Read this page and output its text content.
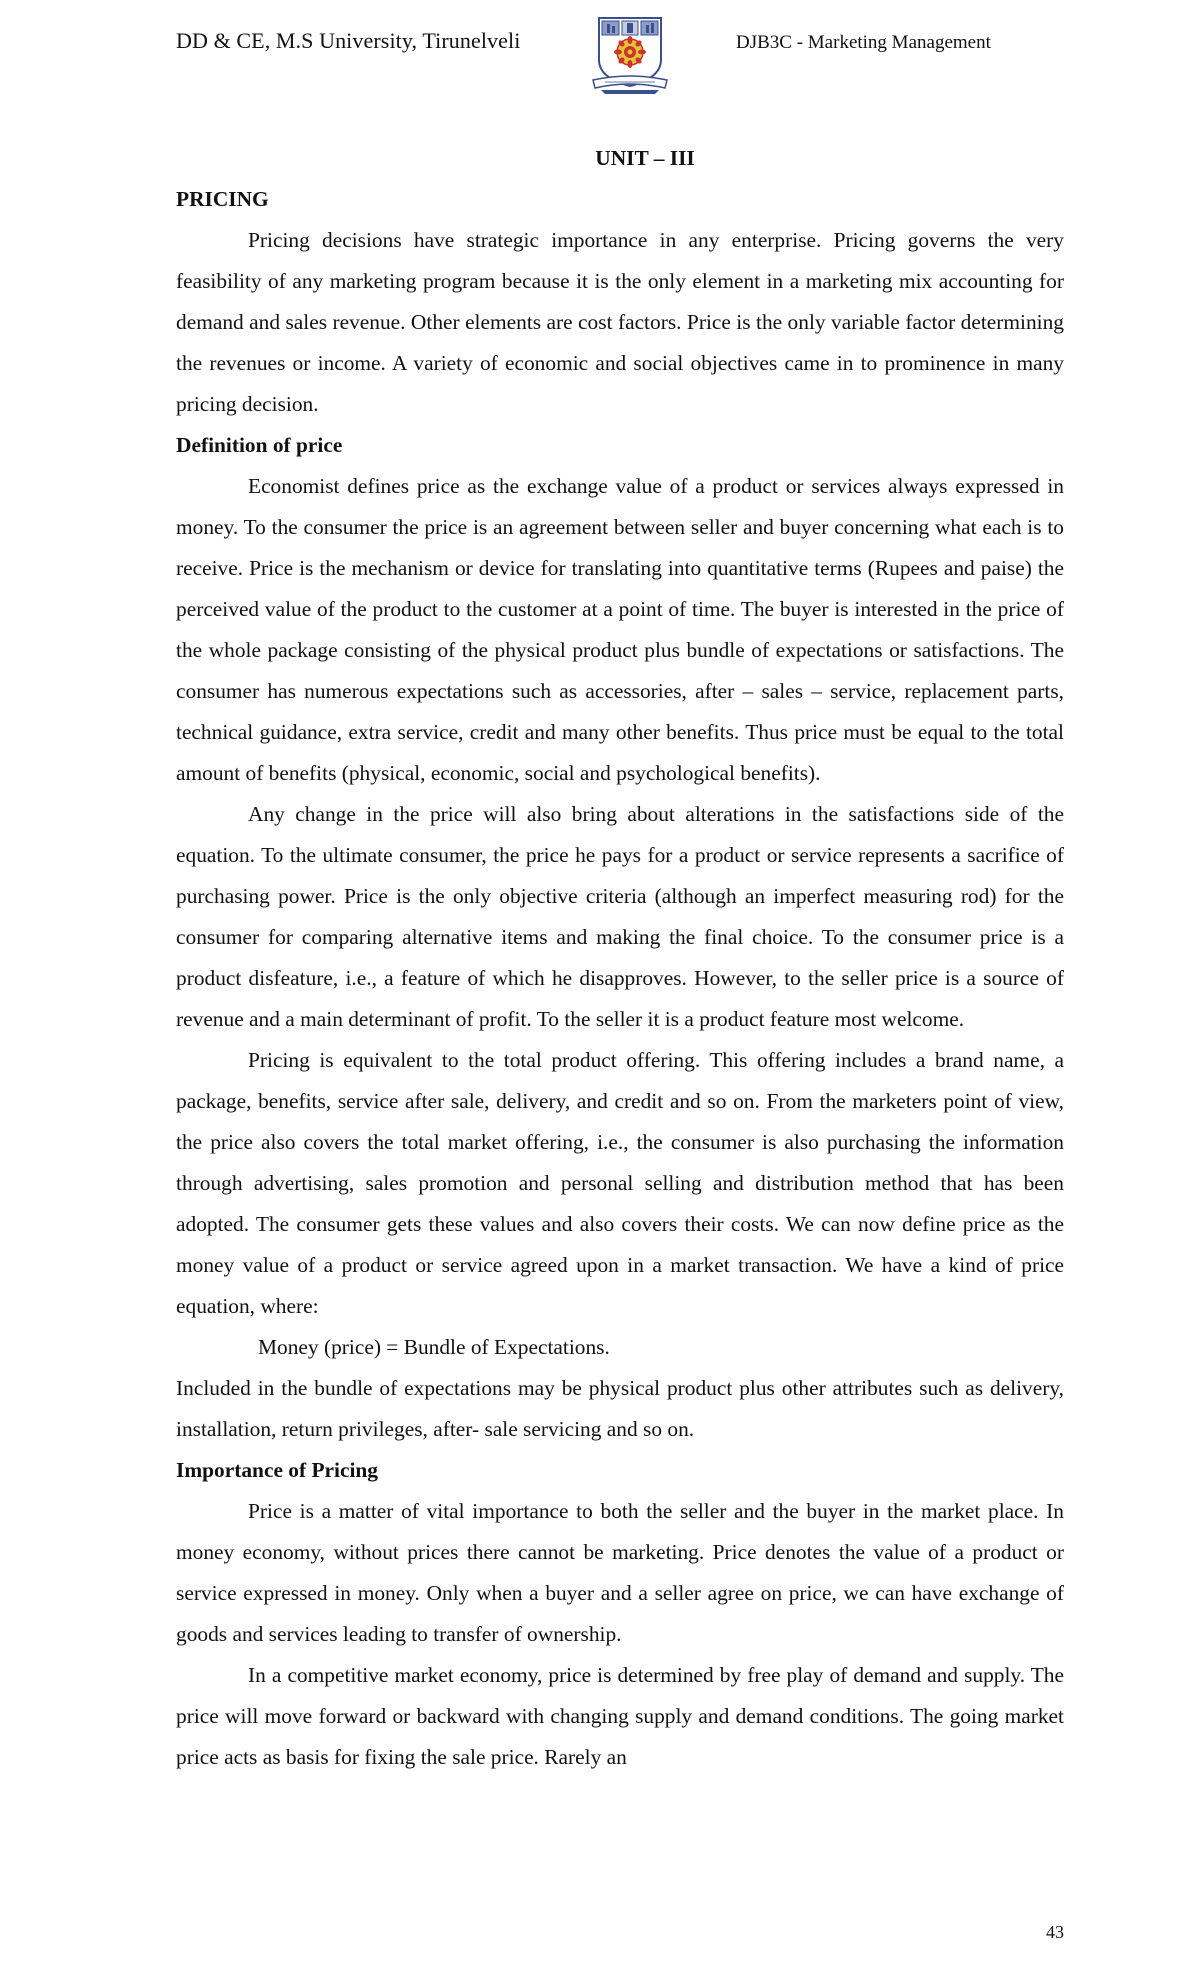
DD & CE, M.S University, Tirunelveli	DJB3C - Marketing Management

UNIT – III

PRICING

Pricing decisions have strategic importance in any enterprise. Pricing governs the very feasibility of any marketing program because it is the only element in a marketing mix accounting for demand and sales revenue. Other elements are cost factors. Price is the only variable factor determining the revenues or income. A variety of economic and social objectives came in to prominence in many pricing decision.

Definition of price

Economist defines price as the exchange value of a product or services always expressed in money. To the consumer the price is an agreement between seller and buyer concerning what each is to receive. Price is the mechanism or device for translating into quantitative terms (Rupees and paise) the perceived value of the product to the customer at a point of time. The buyer is interested in the price of the whole package consisting of the physical product plus bundle of expectations or satisfactions. The consumer has numerous expectations such as accessories, after – sales – service, replacement parts, technical guidance, extra service, credit and many other benefits. Thus price must be equal to the total amount of benefits (physical, economic, social and psychological benefits).

Any change in the price will also bring about alterations in the satisfactions side of the equation. To the ultimate consumer, the price he pays for a product or service represents a sacrifice of purchasing power. Price is the only objective criteria (although an imperfect measuring rod) for the consumer for comparing alternative items and making the final choice. To the consumer price is a product disfeature, i.e., a feature of which he disapproves. However, to the seller price is a source of revenue and a main determinant of profit. To the seller it is a product feature most welcome.

Pricing is equivalent to the total product offering. This offering includes a brand name, a package, benefits, service after sale, delivery, and credit and so on. From the marketers point of view, the price also covers the total market offering, i.e., the consumer is also purchasing the information through advertising, sales promotion and personal selling and distribution method that has been adopted. The consumer gets these values and also covers their costs. We can now define price as the money value of a product or service agreed upon in a market transaction. We have a kind of price equation, where:

Money (price) = Bundle of Expectations.

Included in the bundle of expectations may be physical product plus other attributes such as delivery, installation, return privileges, after- sale servicing and so on.

Importance of Pricing

Price is a matter of vital importance to both the seller and the buyer in the market place. In money economy, without prices there cannot be marketing. Price denotes the value of a product or service expressed in money. Only when a buyer and a seller agree on price, we can have exchange of goods and services leading to transfer of ownership.

In a competitive market economy, price is determined by free play of demand and supply. The price will move forward or backward with changing supply and demand conditions. The going market price acts as basis for fixing the sale price. Rarely an

43
